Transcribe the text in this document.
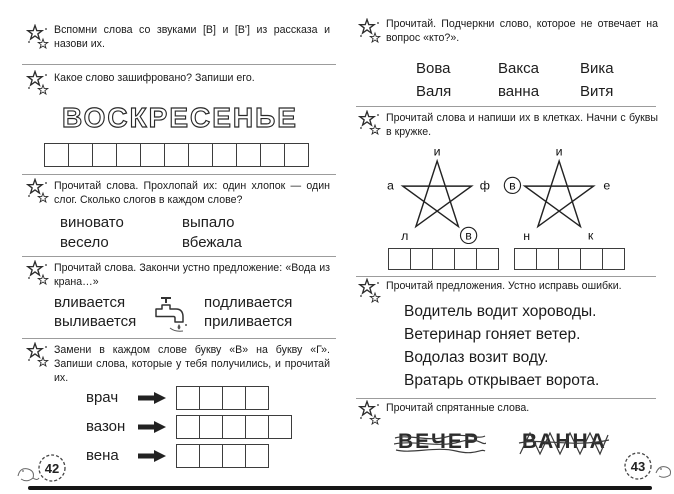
Вспомни слова со звуками [В] и [В'] из рассказа и назови их.
Какое слово зашифровано? Запиши его.
ВОСКРЕСЕНЬЕ
Прочитай слова. Прохлопай их: один хлопок — один слог. Сколько слогов в каждом слове?
виновато	выпало
весело	вбежала
Прочитай слова. Закончи устно предложение: «Вода из крана…»
вливается	подливается
выливается	приливается
Замени в каждом слове букву «В» на букву «Г». Запиши слова, которые у тебя получились, и прочитай их.
врач
вазон
вена
42
Прочитай. Подчеркни слово, которое не отвечает на вопрос «кто?».
Вова	Вакса	Вика
Валя	ванна	Витя
Прочитай слова и напиши их в клетках. Начни с буквы в кружке.
и
а	ф
л	в
и
в	е
н	к
Прочитай предложения. Устно исправь ошибки.
Водитель водит хороводы.
Ветеринар гоняет ветер.
Водолаз возит воду.
Вратарь открывает ворота.
Прочитай спрятанные слова.
ВЕЧЕР ВАННА
43
